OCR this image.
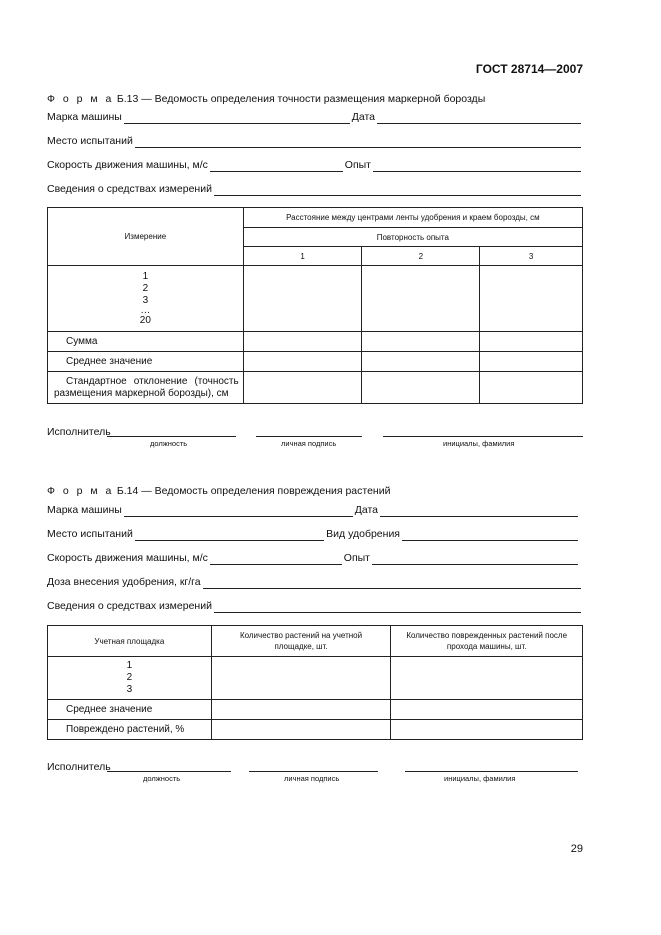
ГОСТ 28714—2007
Ф о р м а Б.13 — Ведомость определения точности размещения маркерной борозды
Марка машины	Дата
Место испытаний
Скорость движения машины, м/с	Опыт
Сведения о средствах измерений
Измерение	Расстояние между центрами ленты удобрения и краем борозды, см		
	Повторность опыта		
	1	2	3

1
2
3
…
20			

Сумма			
Среднее значение			
Стандартное отклонение (точность размещения маркерной борозды), см			
Исполнитель
должность	личная подпись	инициалы, фамилия
Ф о р м а Б.14 — Ведомость определения повреждения растений
Марка машины	Дата
Место испытаний	Вид удобрения
Скорость движения машины, м/с	Опыт
Доза внесения удобрения, кг/га
Сведения о средствах измерений
Учетная площадка	Количество растений на учетной площадке, шт.	Количество поврежденных растений после прохода машины, шт.

1
2
3		

Среднее значение		
Повреждено растений, %		
Исполнитель
должность	личная подпись	инициалы, фамилия
29
